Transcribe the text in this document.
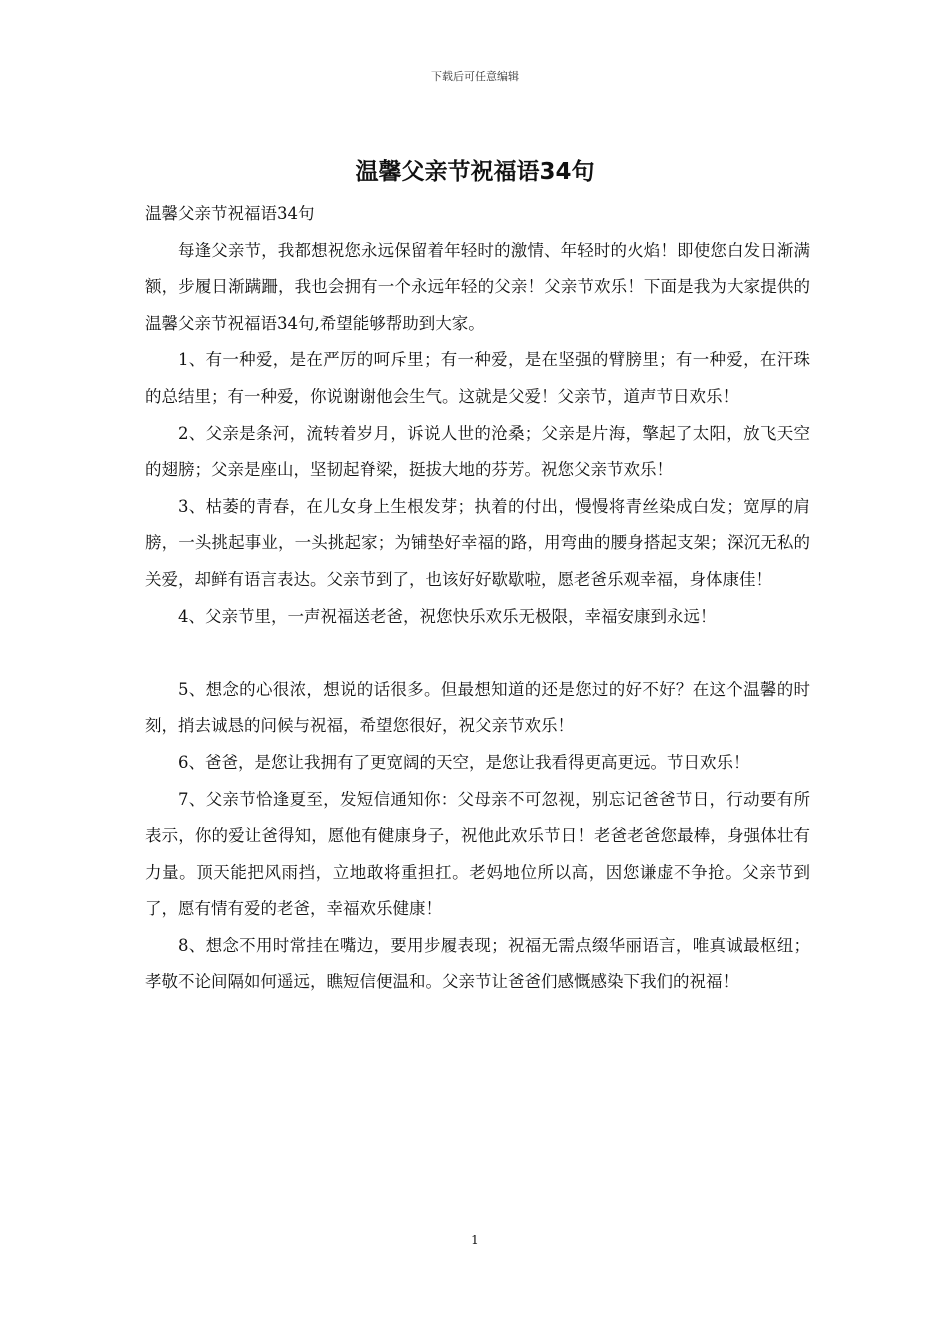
下载后可任意编辑
温馨父亲节祝福语34句

温馨父亲节祝福语34句

每逢父亲节，我都想祝您永远保留着年轻时的激情、年轻时的火焰！即使您白发日渐满额，步履日渐蹒跚，我也会拥有一个永远年轻的父亲！父亲节欢乐！下面是我为大家提供的温馨父亲节祝福语34句,希望能够帮助到大家。

1、有一种爱，是在严厉的呵斥里；有一种爱，是在坚强的臂膀里；有一种爱，在汗珠的总结里；有一种爱，你说谢谢他会生气。这就是父爱！父亲节，道声节日欢乐！

2、父亲是条河，流转着岁月，诉说人世的沧桑；父亲是片海，擎起了太阳，放飞天空的翅膀；父亲是座山，坚韧起脊梁，挺拔大地的芬芳。祝您父亲节欢乐！

3、枯萎的青春，在儿女身上生根发芽；执着的付出，慢慢将青丝染成白发；宽厚的肩膀，一头挑起事业，一头挑起家；为铺垫好幸福的路，用弯曲的腰身搭起支架；深沉无私的关爱，却鲜有语言表达。父亲节到了，也该好好歇歇啦，愿老爸乐观幸福，身体康佳！

4、父亲节里，一声祝福送老爸，祝您快乐欢乐无极限，幸福安康到永远！

5、想念的心很浓，想说的话很多。但最想知道的还是您过的好不好？在这个温馨的时刻，捎去诚恳的问候与祝福，希望您很好，祝父亲节欢乐！

6、爸爸，是您让我拥有了更宽阔的天空，是您让我看得更高更远。节日欢乐！

7、父亲节恰逢夏至，发短信通知你：父母亲不可忽视，别忘记爸爸节日，行动要有所表示，你的爱让爸得知，愿他有健康身子，祝他此欢乐节日！老爸老爸您最棒，身强体壮有力量。顶天能把风雨挡，立地敢将重担扛。老妈地位所以高，因您谦虚不争抢。父亲节到了，愿有情有爱的老爸，幸福欢乐健康！

8、想念不用时常挂在嘴边，要用步履表现；祝福无需点缀华丽语言，唯真诚最枢纽；孝敬不论间隔如何遥远，瞧短信便温和。父亲节让爸爸们感慨感染下我们的祝福！

1
